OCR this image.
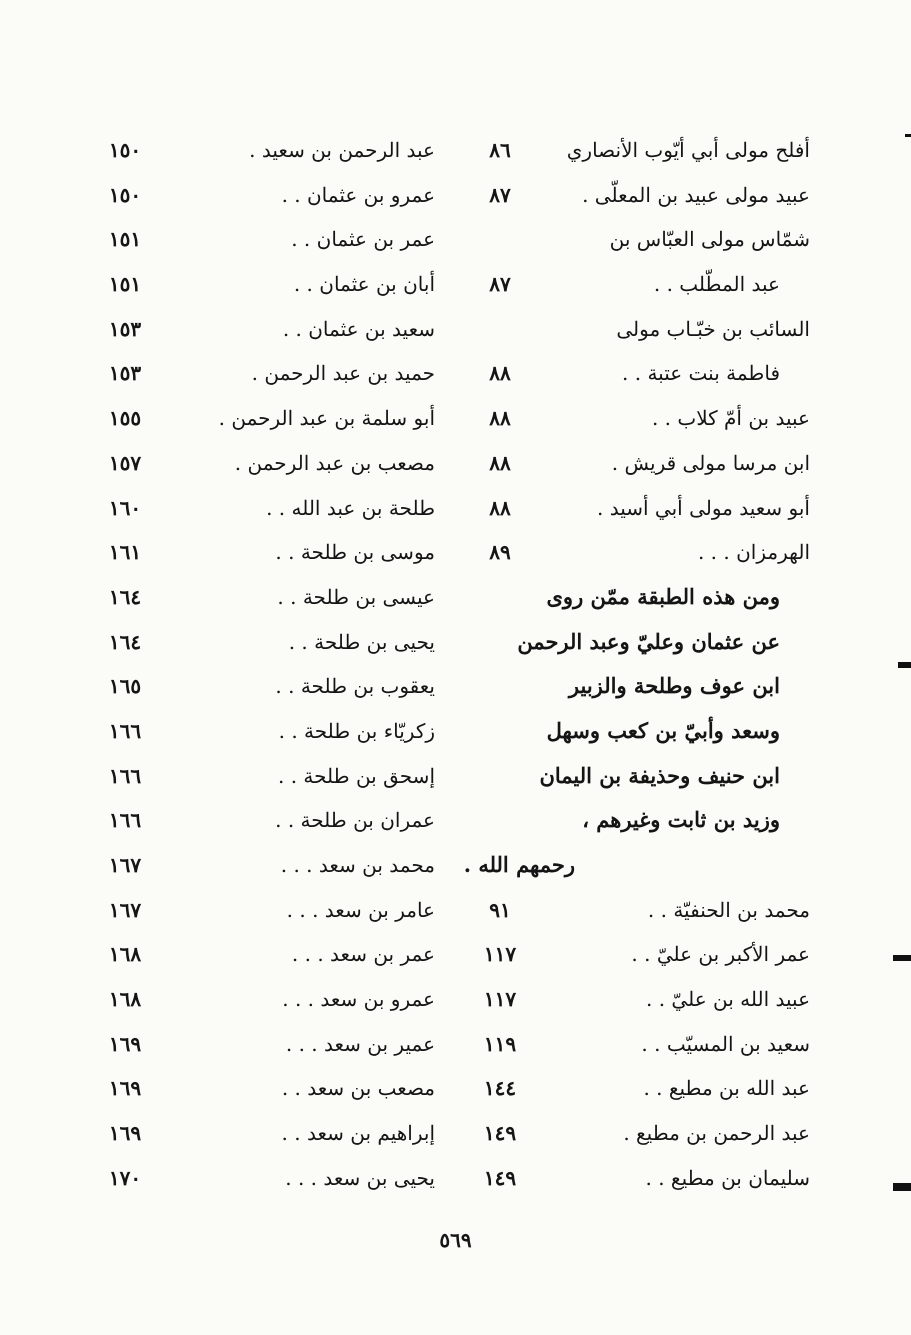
أفلح مولى أبي أيّوب الأنصاري
٨٦
عبيد مولى عبيد بن المعلّى .
٨٧
شمّاس مولى العبّاس بن
عبد المطّلب . .
٨٧
السائب بن خبّـاب مولى
فاطمة بنت عتبة . .
٨٨
عبيد بن أمّ كلاب . .
٨٨
ابن مرسا مولى قريش .
٨٨
أبو سعيد مولى أبي أسيد .
٨٨
الهرمزان . . .
٨٩
ومن هذه الطبقة ممّن روى
عن عثمان وعليّ وعبد الرحمن
ابن عوف وطلحة والزبير
وسعد وأبيّ بن كعب وسهل
ابن حنيف وحذيفة بن اليمان
وزيد بن ثابت وغيرهم ،
رحمهم الله .
محمد بن الحنفيّة . .
٩١
عمر الأكبر بن عليّ . .
١١٧
عبيد الله بن عليّ . .
١١٧
سعيد بن المسيّب . .
١١٩
عبد الله بن مطيع . .
١٤٤
عبد الرحمن بن مطيع .
١٤٩
سليمان بن مطيع . .
١٤٩
عبد الرحمن بن سعيد .
١٥٠
عمرو بن عثمان . .
١٥٠
عمر بن عثمان . .
١٥١
أبان بن عثمان . .
١٥١
سعيد بن عثمان . .
١٥٣
حميد بن عبد الرحمن .
١٥٣
أبو سلمة بن عبد الرحمن .
١٥٥
مصعب بن عبد الرحمن .
١٥٧
طلحة بن عبد الله . .
١٦٠
موسى بن طلحة . .
١٦١
عيسى بن طلحة . .
١٦٤
يحيى بن طلحة . .
١٦٤
يعقوب بن طلحة . .
١٦٥
زكريّاء بن طلحة . .
١٦٦
إسحق بن طلحة . .
١٦٦
عمران بن طلحة . .
١٦٦
محمد بن سعد . . .
١٦٧
عامر بن سعد . . .
١٦٧
عمر بن سعد . . .
١٦٨
عمرو بن سعد . . .
١٦٨
عمير بن سعد . . .
١٦٩
مصعب بن سعد . .
١٦٩
إبراهيم بن سعد . .
١٦٩
يحيى بن سعد . . .
١٧٠
٥٦٩
